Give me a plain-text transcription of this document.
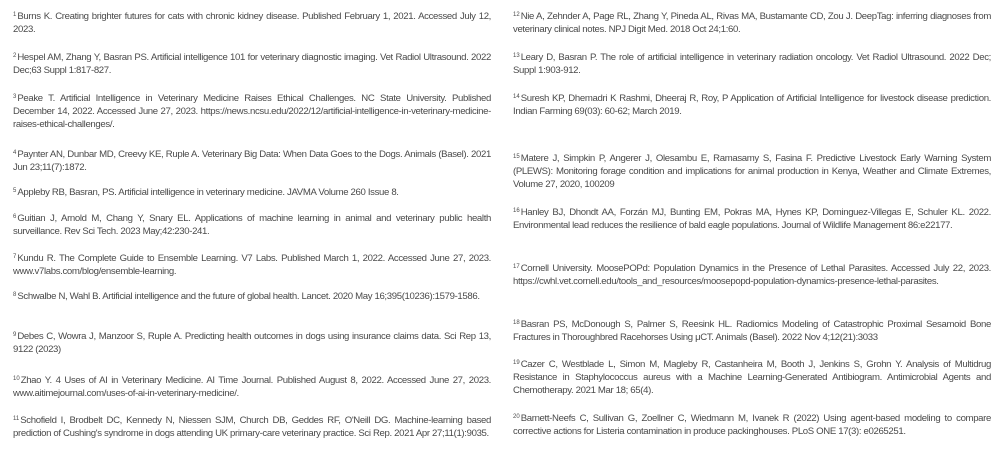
$^1$Burns K. Creating brighter futures for cats with chronic kidney disease. Published February 1, 2021. Accessed July 12, 2023.
$^2$Hespel AM, Zhang Y, Basran PS. Artificial intelligence 101 for veterinary diagnostic imaging. Vet Radiol Ultrasound. 2022 Dec;63 Suppl 1:817-827.
$^3$Peake T. Artificial Intelligence in Veterinary Medicine Raises Ethical Challenges. NC State University. Published December 14, 2022. Accessed June 27, 2023. https://news.ncsu.edu/2022/12/artificial-intelligence-in-veterinary-medicine-raises-ethical-challenges/.
$^4$Paynter AN, Dunbar MD, Creevy KE, Ruple A. Veterinary Big Data: When Data Goes to the Dogs. Animals (Basel). 2021 Jun 23;11(7):1872.
$^5$Appleby RB, Basran, PS. Artificial intelligence in veterinary medicine. JAVMA Volume 260 Issue 8.
$^6$Guitian J, Arnold M, Chang Y, Snary EL. Applications of machine learning in animal and veterinary public health surveillance. Rev Sci Tech. 2023 May;42:230-241.
$^7$Kundu R. The Complete Guide to Ensemble Learning. V7 Labs. Published March 1, 2022. Accessed June 27, 2023. www.v7labs.com/blog/ensemble-learning.
$^8$Schwalbe N, Wahl B. Artificial intelligence and the future of global health. Lancet. 2020 May 16;395(10236):1579-1586.
$^9$Debes C, Wowra J, Manzoor S, Ruple A. Predicting health outcomes in dogs using insurance claims data. Sci Rep 13, 9122 (2023)
$^{10}$Zhao Y. 4 Uses of AI in Veterinary Medicine. AI Time Journal. Published August 8, 2022. Accessed June 27, 2023. www.aitimejournal.com/uses-of-ai-in-veterinary-medicine/.
$^{11}$Schofield I, Brodbelt DC, Kennedy N, Niessen SJM, Church DB, Geddes RF, O'Neill DG. Machine-learning based prediction of Cushing's syndrome in dogs attending UK primary-care veterinary practice. Sci Rep. 2021 Apr 27;11(1):9035.
$^{12}$Nie A, Zehnder A, Page RL, Zhang Y, Pineda AL, Rivas MA, Bustamante CD, Zou J. DeepTag: inferring diagnoses from veterinary clinical notes. NPJ Digit Med. 2018 Oct 24;1:60.
$^{13}$Leary D, Basran P. The role of artificial intelligence in veterinary radiation oncology. Vet Radiol Ultrasound. 2022 Dec; Suppl 1:903-912.
$^{14}$Suresh KP, Dhemadri K Rashmi, Dheeraj R, Roy, P Application of Artificial Intelligence for livestock disease prediction. Indian Farming 69(03): 60-62; March 2019.
$^{15}$Matere J, Simpkin P, Angerer J, Olesambu E, Ramasamy S, Fasina F. Predictive Livestock Early Warning System (PLEWS): Monitoring forage condition and implications for animal production in Kenya, Weather and Climate Extremes, Volume 27, 2020, 100209
$^{16}$Hanley BJ, Dhondt AA, Forzán MJ, Bunting EM, Pokras MA, Hynes KP, Dominguez-Villegas E, Schuler KL. 2022. Environmental lead reduces the resilience of bald eagle populations. Journal of Wildlife Management 86:e22177.
$^{17}$Cornell University. MoosePOPd: Population Dynamics in the Presence of Lethal Parasites. Accessed July 22, 2023. https://cwhl.vet.cornell.edu/tools_and_resources/moosepopd-population-dynamics-presence-lethal-parasites.
$^{18}$Basran PS, McDonough S, Palmer S, Reesink HL. Radiomics Modeling of Catastrophic Proximal Sesamoid Bone Fractures in Thoroughbred Racehorses Using μCT. Animals (Basel). 2022 Nov 4;12(21):3033
$^{19}$Cazer C, Westblade L, Simon M, Magleby R, Castanheira M, Booth J, Jenkins S, Grohn Y. Analysis of Multidrug Resistance in Staphylococcus aureus with a Machine Learning-Generated Antibiogram. Antimicrobial Agents and Chemotherapy. 2021 Mar 18; 65(4).
$^{20}$Barnett-Neefs C, Sullivan G, Zoellner C, Wiedmann M, Ivanek R (2022) Using agent-based modeling to compare corrective actions for Listeria contamination in produce packinghouses. PLoS ONE 17(3): e0265251.
